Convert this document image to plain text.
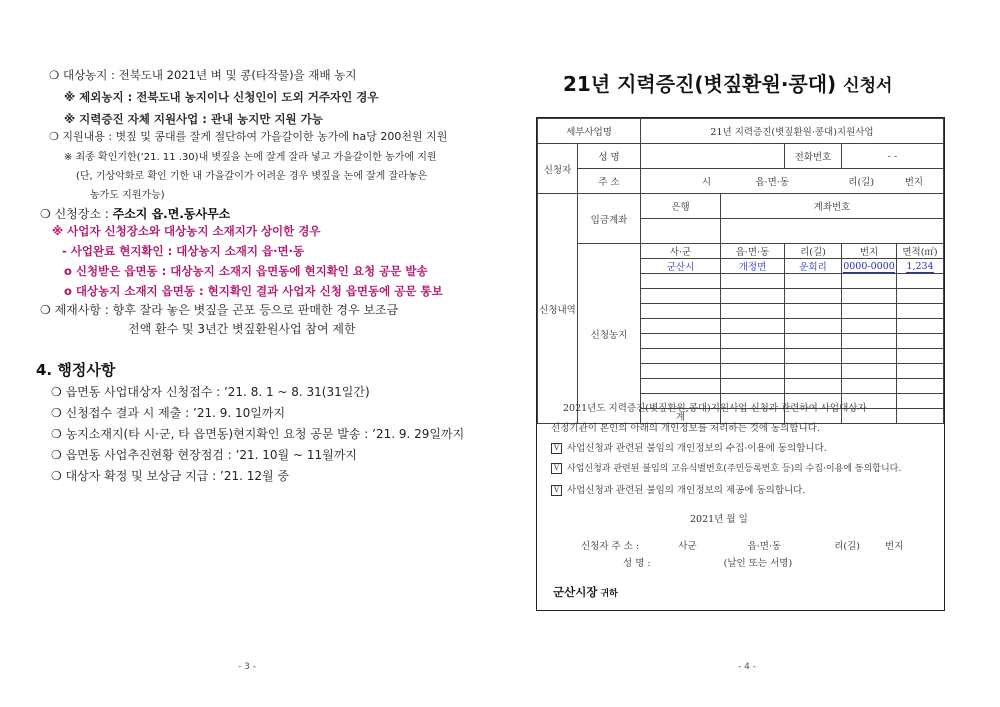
❍ 대상농지 : 전북도내 2021년 벼 및 콩(타작물)을 재배 농지
※ 제외농지 : 전북도내 농지이나 신청인이 도외 거주자인 경우
※ 지력증진 자체 지원사업 : 관내 농지만 지원 가능
❍ 지원내용 : 볏짚 및 콩대를 잘게 절단하여 가을갈이한 농가에 ha당 200천원 지원
※ 최종 확인기한(’21. 11 .30)내 볏짚을 논에 잘게 잘라 넣고 가을갈이한 농가에 지원
(단, 기상악화로 확인 기한 내 가을갈이가 어려운 경우 볏짚을 논에 잘게 잘라놓은
농가도 지원가능)
❍ 신청장소 : 주소지 읍.면.동사무소
※ 사업자 신청장소와 대상농지 소재지가 상이한 경우
- 사업완료 현지확인 : 대상농지 소재지 읍·면·동
o 신청받은 읍면동 : 대상농지 소재지 읍면동에 현지확인 요청 공문 발송
o 대상농지 소재지 읍면동 : 현지확인 결과 사업자 신청 읍면동에 공문 통보
❍ 제재사항 : 향후 잘라 놓은 볏짚을 곤포 등으로 판매한 경우 보조금
전액 환수 및 3년간 볏짚환원사업 참여 제한
4. 행정사항
❍ 읍면동 사업대상자 신청접수 : ’21. 8. 1 ~ 8. 31(31일간)
❍ 신청접수 결과 시 제출 : ’21. 9. 10일까지
❍ 농지소재지(타 시·군, 타 읍면동)현지확인 요청 공문 발송 : ’21. 9. 29일까지
❍ 읍면동 사업추진현황 현장점검 : ’21. 10월 ~ 11월까지
❍ 대상자 확정 및 보상금 지급 : ’21. 12월 중
- 3 -
21년 지력증진(볏짚환원·콩대) 신청서
세부사업명		21년 지력증진(볏짚환원·콩대)지원사업				
신청자	성 명			전화번호	- -	
	주 소	시 읍·면·동 리(길) 번지				
신청내역	입금계좌	은행	계좌번호			

	신청농지	사·군	읍·면·동	리(길)	번지	면적(㎡)
		군산시	개정면	운회리	0000-0000	1,234

		계				
2021년도 지력증진(볏짚환원,콩대)지원사업 신청과 관련하여 사업대상자
선정기관이 본인의 아래의 개인정보를 처리하는 것에 동의합니다.
V 사업신청과 관련된 불임의 개인정보의 수집·이용에 동의합니다.
V 사업신청과 관련된 불임의 고유식별번호(주민등록번호 등)의 수집·이용에 동의합니다.
V 사업신청과 관련된 불임의 개인정보의 제공에 동의합니다.
2021년 월 일
신청자 주 소 :	사군	읍·면·동	리(길)	번지
성 명 :	(날인 또는 서명)
군산시장 귀하
- 4 -
